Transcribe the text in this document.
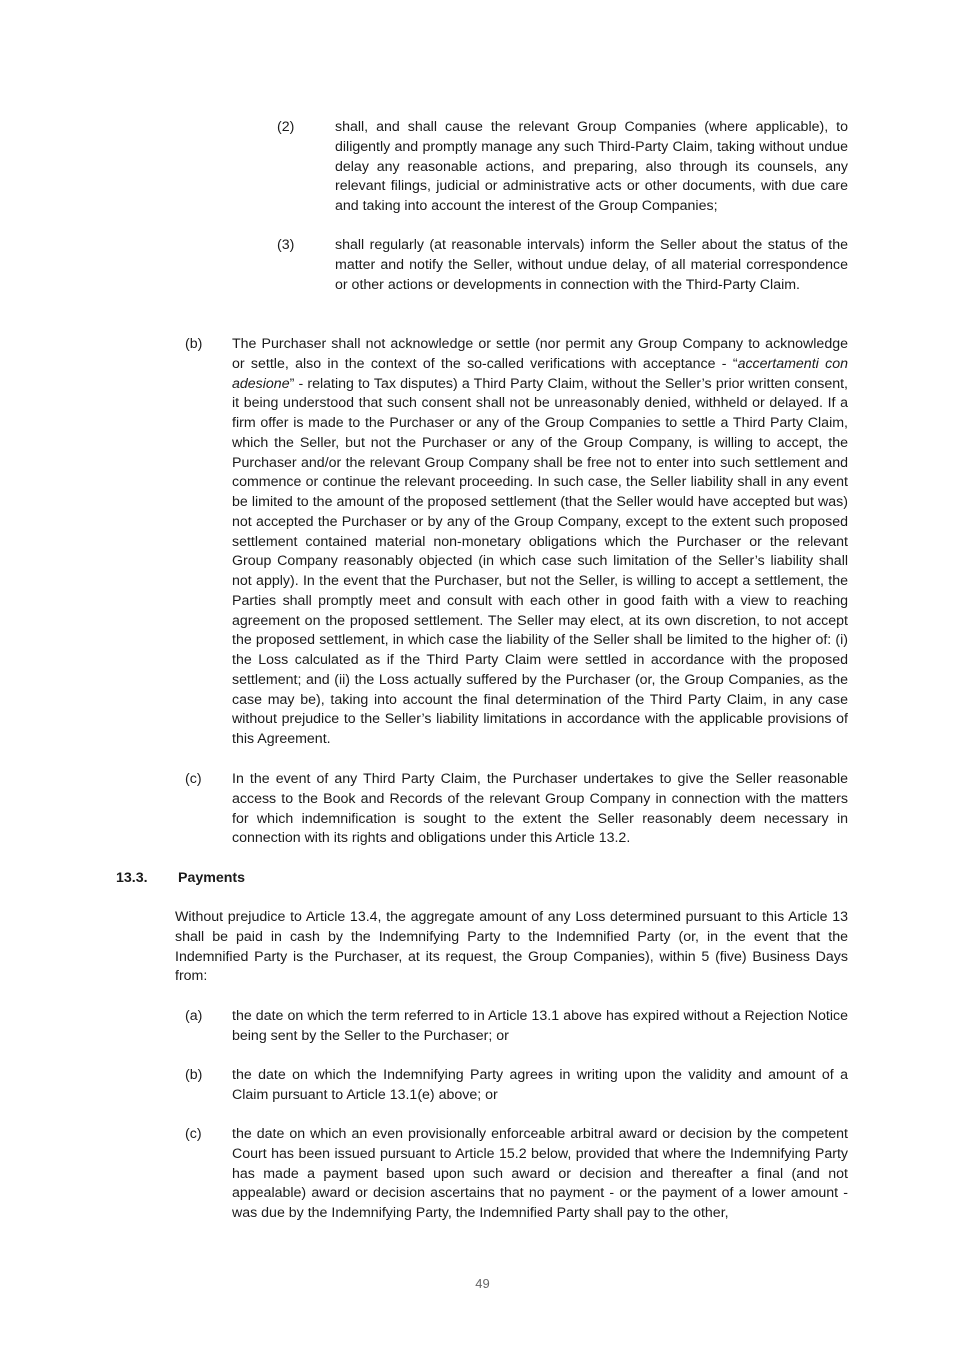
(2)	shall, and shall cause the relevant Group Companies (where applicable), to diligently and promptly manage any such Third-Party Claim, taking without undue delay any reasonable actions, and preparing, also through its counsels, any relevant filings, judicial or administrative acts or other documents, with due care and taking into account the interest of the Group Companies;
(3)	shall regularly (at reasonable intervals) inform the Seller about the status of the matter and notify the Seller, without undue delay, of all material correspondence or other actions or developments in connection with the Third-Party Claim.
(b) The Purchaser shall not acknowledge or settle (nor permit any Group Company to acknowledge or settle, also in the context of the so-called verifications with acceptance - “accertamenti con adesione” - relating to Tax disputes) a Third Party Claim, without the Seller’s prior written consent, it being understood that such consent shall not be unreasonably denied, withheld or delayed. If a firm offer is made to the Purchaser or any of the Group Companies to settle a Third Party Claim, which the Seller, but not the Purchaser or any of the Group Company, is willing to accept, the Purchaser and/or the relevant Group Company shall be free not to enter into such settlement and commence or continue the relevant proceeding. In such case, the Seller liability shall in any event be limited to the amount of the proposed settlement (that the Seller would have accepted but was) not accepted the Purchaser or by any of the Group Company, except to the extent such proposed settlement contained material non-monetary obligations which the Purchaser or the relevant Group Company reasonably objected (in which case such limitation of the Seller’s liability shall not apply). In the event that the Purchaser, but not the Seller, is willing to accept a settlement, the Parties shall promptly meet and consult with each other in good faith with a view to reaching agreement on the proposed settlement. The Seller may elect, at its own discretion, to not accept the proposed settlement, in which case the liability of the Seller shall be limited to the higher of: (i) the Loss calculated as if the Third Party Claim were settled in accordance with the proposed settlement; and (ii) the Loss actually suffered by the Purchaser (or, the Group Companies, as the case may be), taking into account the final determination of the Third Party Claim, in any case without prejudice to the Seller’s liability limitations in accordance with the applicable provisions of this Agreement.
(c) In the event of any Third Party Claim, the Purchaser undertakes to give the Seller reasonable access to the Book and Records of the relevant Group Company in connection with the matters for which indemnification is sought to the extent the Seller reasonably deem necessary in connection with its rights and obligations under this Article 13.2.
13.3. Payments
Without prejudice to Article 13.4, the aggregate amount of any Loss determined pursuant to this Article 13 shall be paid in cash by the Indemnifying Party to the Indemnified Party (or, in the event that the Indemnified Party is the Purchaser, at its request, the Group Companies), within 5 (five) Business Days from:
(a) the date on which the term referred to in Article 13.1 above has expired without a Rejection Notice being sent by the Seller to the Purchaser; or
(b) the date on which the Indemnifying Party agrees in writing upon the validity and amount of a Claim pursuant to Article 13.1(e) above; or
(c) the date on which an even provisionally enforceable arbitral award or decision by the competent Court has been issued pursuant to Article 15.2 below, provided that where the Indemnifying Party has made a payment based upon such award or decision and thereafter a final (and not appealable) award or decision ascertains that no payment - or the payment of a lower amount - was due by the Indemnifying Party, the Indemnified Party shall pay to the other,
49
